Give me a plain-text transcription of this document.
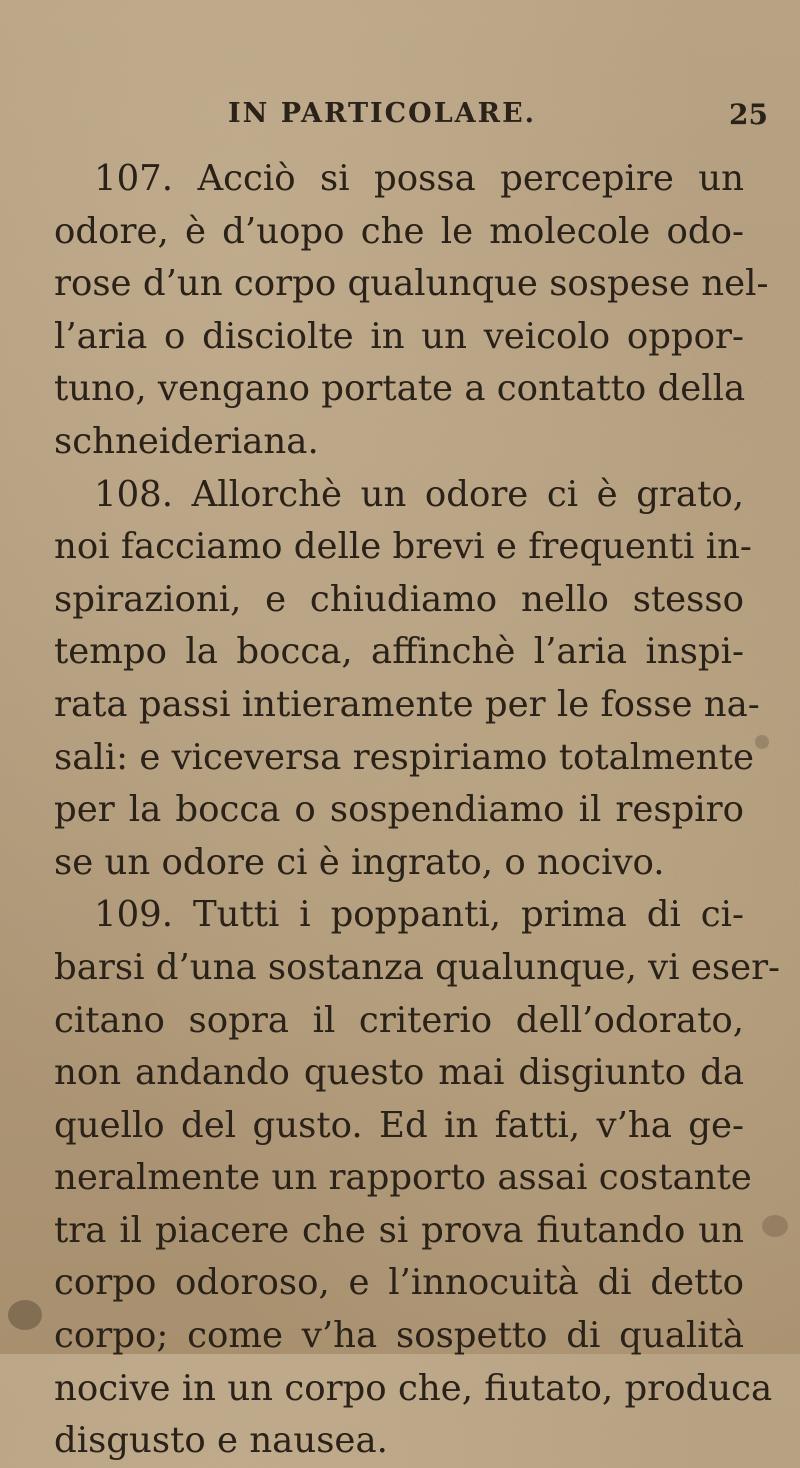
IN PARTICOLARE.	25
107. Acciò si possa percepire un
odore, è d’uopo che le molecole odo-
rose d’un corpo qualunque sospese nel-
l’aria o disciolte in un veicolo oppor-
tuno, vengano portate a contatto della
schneideriana.
108. Allorchè un odore ci è grato,
noi facciamo delle brevi e frequenti in-
spirazioni, e chiudiamo nello stesso
tempo la bocca, affinchè l’aria inspi-
rata passi intieramente per le fosse na-
sali: e viceversa respiriamo totalmente
per la bocca o sospendiamo il respiro
se un odore ci è ingrato, o nocivo.
109. Tutti i poppanti, prima di ci-
barsi d’una sostanza qualunque, vi eser-
citano sopra il criterio dell’odorato,
non andando questo mai disgiunto da
quello del gusto. Ed in fatti, v’ha ge-
neralmente un rapporto assai costante
tra il piacere che si prova fiutando un
corpo odoroso, e l’innocuità di detto
corpo; come v’ha sospetto di qualità
nocive in un corpo che, fiutato, produca
disgusto e nausea.
